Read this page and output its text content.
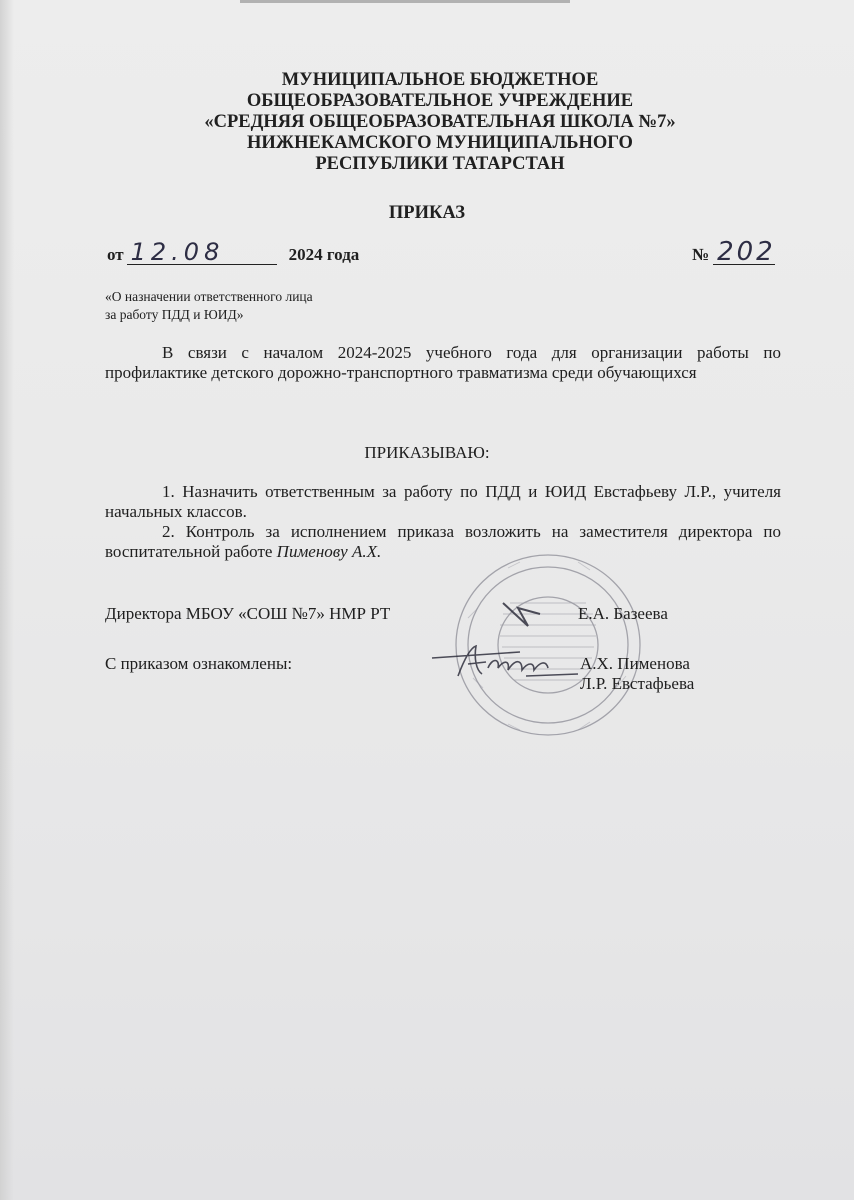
МУНИЦИПАЛЬНОЕ БЮДЖЕТНОЕ
ОБЩЕОБРАЗОВАТЕЛЬНОЕ УЧРЕЖДЕНИЕ
«СРЕДНЯЯ ОБЩЕОБРАЗОВАТЕЛЬНАЯ ШКОЛА №7»
НИЖНЕКАМСКОГО МУНИЦИПАЛЬНОГО
РЕСПУБЛИКИ ТАТАРСТАН
ПРИКАЗ
от 12.08	2024 года	№ 202
«О назначении ответственного лица
за работу ПДД и ЮИД»
В связи с началом 2024-2025 учебного года для организации работы по профилактике детского дорожно-транспортного травматизма среди обучающихся
ПРИКАЗЫВАЮ:

1. Назначить ответственным за работу по ПДД и ЮИД Евстафьеву Л.Р., учителя начальных классов.

2. Контроль за исполнением приказа возложить на заместителя директора по воспитательной работе Пименову А.Х.

Директора МБОУ «СОШ №7» НМР РТ	Е.А. Базеева
С приказом ознакомлены:	А.Х. Пименова
Л.Р. Евстафьева
